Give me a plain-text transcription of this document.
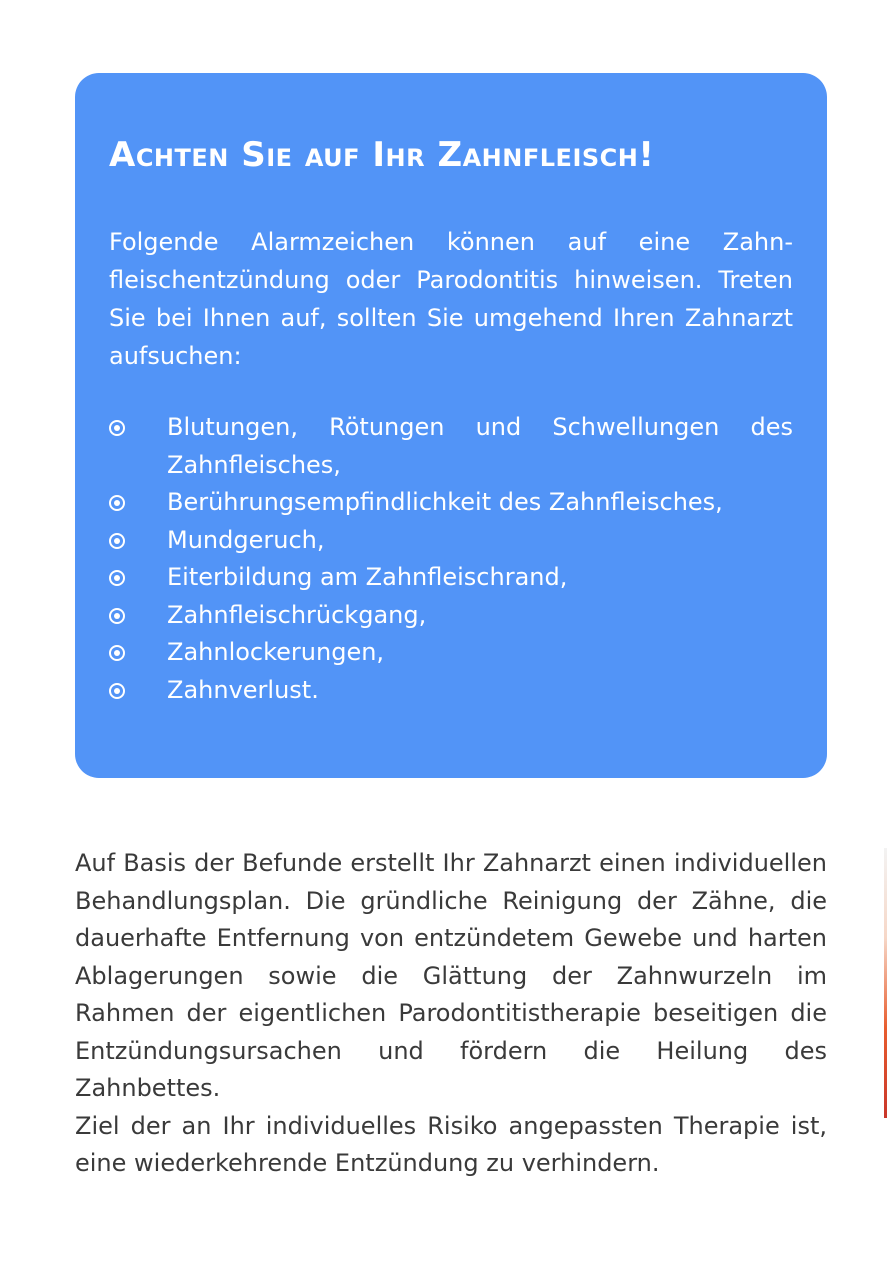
Achten Sie auf Ihr Zahnfleisch!

Folgende Alarmzeichen können auf eine Zahnfleischentzündung oder Parodontitis hinweisen. Treten Sie bei Ihnen auf, sollten Sie umgehend Ihren Zahnarzt aufsuchen:

Blutungen, Rötungen und Schwellungen des Zahnfleisches,
Berührungsempfindlichkeit des Zahnfleisches,
Mundgeruch,
Eiterbildung am Zahnfleischrand,
Zahnfleischrückgang,
Zahnlockerungen,
Zahnverlust.

Auf Basis der Befunde erstellt Ihr Zahnarzt einen individuellen Behandlungsplan. Die gründliche Reinigung der Zähne, die dauerhafte Entfernung von entzündetem Gewebe und harten Ablagerungen sowie die Glättung der Zahnwurzeln im Rahmen der eigentlichen Parodontitistherapie beseitigen die Entzündungsursachen und fördern die Heilung des Zahnbettes.

Ziel der an Ihr individuelles Risiko angepassten Therapie ist, eine wiederkehrende Entzündung zu verhindern.
